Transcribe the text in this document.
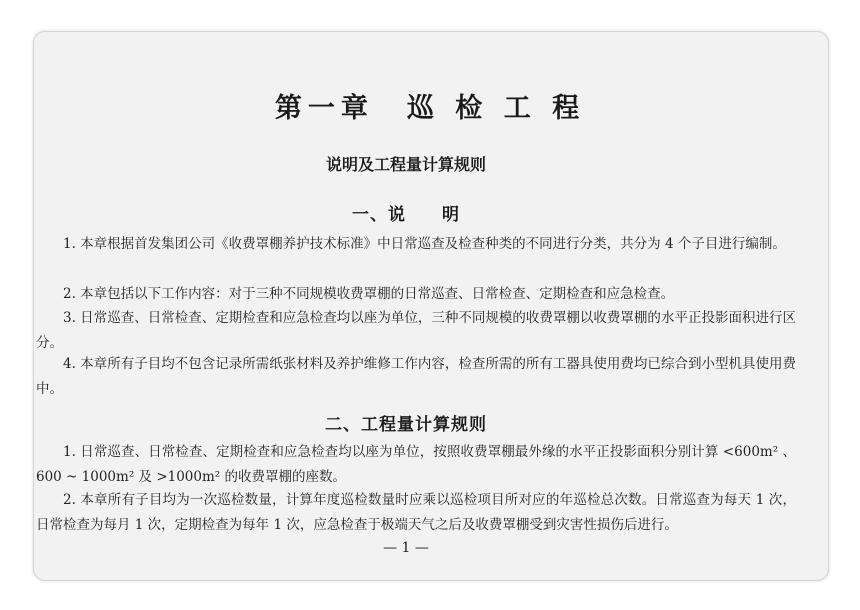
第一章　巡 检 工 程
说明及工程量计算规则
一、说　　明
1. 本章根据首发集团公司《收费罩棚养护技术标准》中日常巡查及检查种类的不同进行分类，共分为 4 个子目进行编制。
2. 本章包括以下工作内容：对于三种不同规模收费罩棚的日常巡查、日常检查、定期检查和应急检查。
3. 日常巡查、日常检查、定期检查和应急检查均以座为单位，三种不同规模的收费罩棚以收费罩棚的水平正投影面积进行区分。
4. 本章所有子目均不包含记录所需纸张材料及养护维修工作内容，检查所需的所有工器具使用费均已综合到小型机具使用费中。
二、工程量计算规则
1. 日常巡查、日常检查、定期检查和应急检查均以座为单位，按照收费罩棚最外缘的水平正投影面积分别计算 <600m² 、600 ~ 1000m² 及 >1000m² 的收费罩棚的座数。
2. 本章所有子目均为一次巡检数量，计算年度巡检数量时应乘以巡检项目所对应的年巡检总次数。日常巡查为每天 1 次，日常检查为每月 1 次，定期检查为每年 1 次，应急检查于极端天气之后及收费罩棚受到灾害性损伤后进行。
— 1 —
